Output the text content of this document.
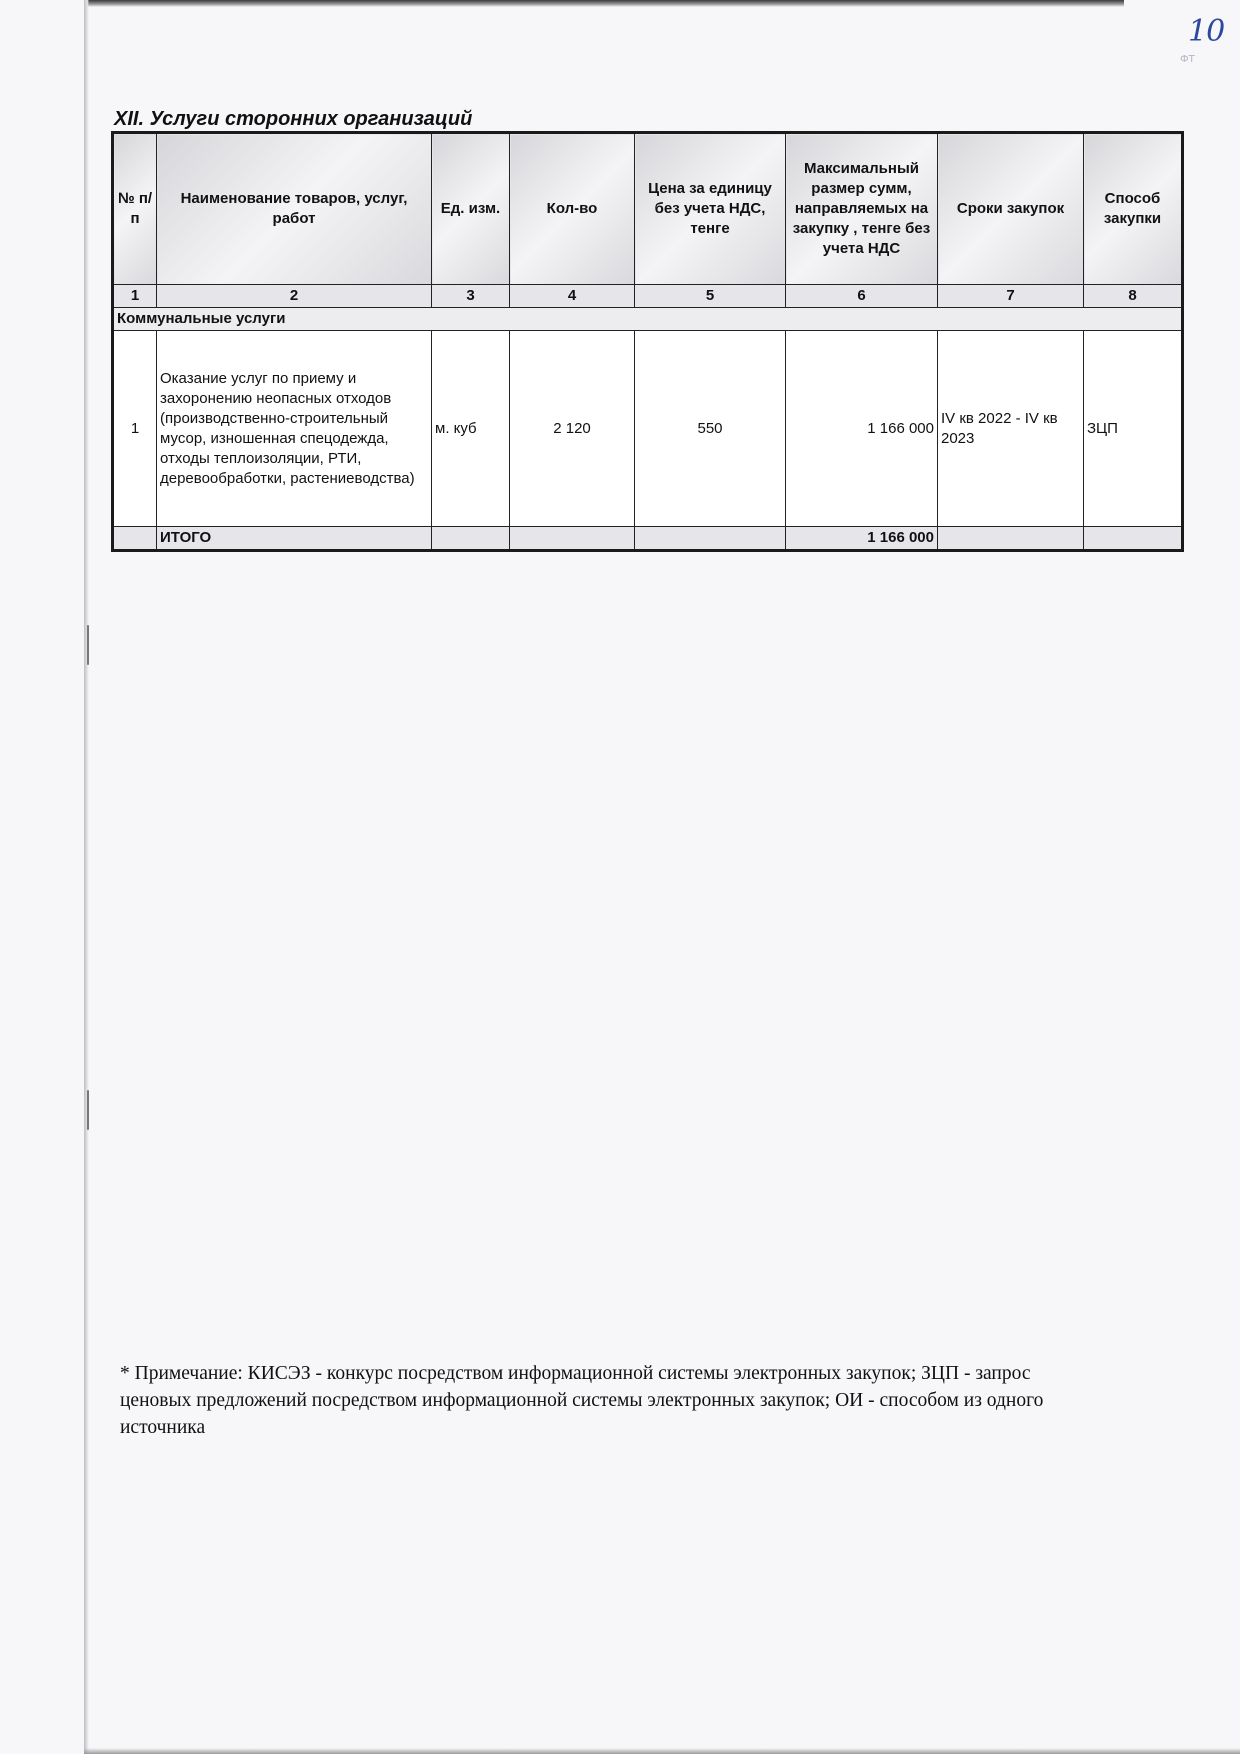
10
ФТ
XII. Услуги сторонних организаций
№ п/п	Наименование товаров, услуг, работ	Ед. изм.	Кол-во	Цена за единицу без учета НДС, тенге	Максимальный размер сумм, направляемых на закупку , тенге без учета НДС	Сроки закупок	Способ закупки
1	2	3	4	5	6	7	8
Коммунальные услуги							
1	Оказание услуг по приему и захоронению неопасных отходов (производственно-строительный мусор, изношенная спецодежда, отходы теплоизоляции, РТИ, деревообработки, растениеводства)	м. куб	2 120	550	1 166 000	IV кв 2022 - IV кв 2023	ЗЦП
	ИТОГО				1 166 000		
* Примечание: КИСЭЗ - конкурс посредством информационной системы электронных закупок; ЗЦП - запрос ценовых предложений посредством информационной системы электронных закупок; ОИ - способом из одного источника
